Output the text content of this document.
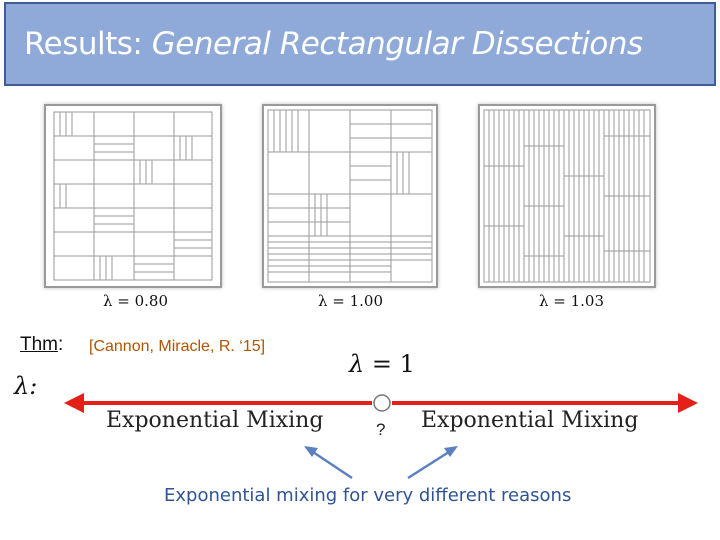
Results: General Rectangular Dissections
λ = 0.80	λ = 1.00	λ = 1.03
Thm: [Cannon, Miracle, R. ‘15]
λ:
λ = 1
Exponential Mixing	Exponential Mixing
?
Exponential mixing for very different reasons
